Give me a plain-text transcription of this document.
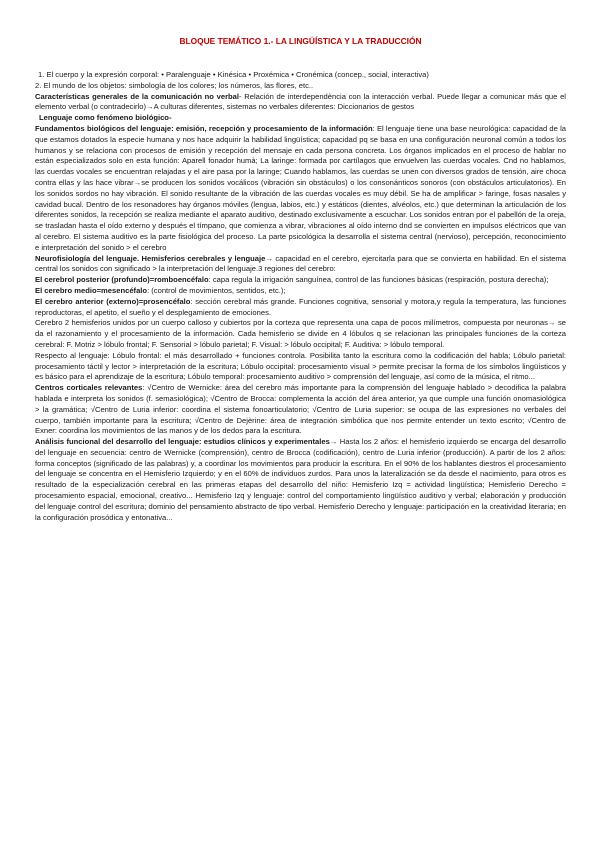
BLOQUE TEMÁTICO 1.- LA LINGÜÍSTICA Y LA TRADUCCIÓN
1. El cuerpo y la expresión corporal: • Paralenguaje • Kinésica • Proxémica • Cronémica (concep., social, interactiva)
2. El mundo de los objetos: simbología de los colores; los números, las flores, etc..
Características generales de la comunicación no verbal- Relación de interdependència con la interacción verbal. Puede llegar a comunicar más que el elemento verbal (o contradecirlo)→A culturas diferentes, sistemas no verbales diferentes: Diccionarios de gestos
Lenguaje como fenómeno biológico-
Fundamentos biológicos del lenguaje: emisión, recepción y procesamiento de la información: El lenguaje tiene una base neurológica: capacidad de la que estamos dotados la especie humana y nos hace adquirir la habilidad lingüística; capacidad pq se basa en una configuración neuronal común a todos los humanos y se relaciona con procesos de emisión y recepción del mensaje en cada persona concreta. Los órganos implicados en el proceso de hablar no están especializados solo en esta función: Aparell fonador humà; La laringe: formada por cartílagos que envuelven las cuerdas vocales. Cnd no hablamos, las cuerdas vocales se encuentran relajadas y el aire pasa por la laringe; Cuando hablamos, las cuerdas se unen con diversos grados de tensión, aire choca contra ellas y las hace vibrar→se producen los sonidos vocálicos (vibración sin obstáculos) o los consonánticos sonoros (con obstáculos articulatorios). En los sonidos sordos no hay vibración. El sonido resultante de la vibración de las cuerdas vocales es muy débil. Se ha de amplificar > faringe, fosas nasales y cavidad bucal. Dentro de los resonadores hay órganos móviles (lengua, labios, etc.) y estáticos (dientes, alvéolos, etc.) que determinan la articulación de los diferentes sonidos, la recepción se realiza mediante el aparato auditivo, destinado exclusivamente a escuchar. Los sonidos entran por el pabellón de la oreja, se trasladan hasta el oído externo y después el tímpano, que comienza a vibrar, vibraciones al oído interno dnd se convierten en impulsos eléctricos que van al cerebro. El sistema auditivo es la parte fisiológica del proceso. La parte psicológica la desarrolla el sistema central (nervioso), percepción, reconocimiento e interpretación del sonido > el cerebro
Neurofisiología del lenguaje. Hemisferios cerebrales y lenguaje→ capacidad en el cerebro, ejercitarla para que se convierta en habilidad. En el sistema central los sonidos con significado > la interpretación del lenguaje.3 regiones del cerebro:
El cerebrol posterior (profundo)=romboencéfalo: capa regula la irrigación sanguínea, control de las funciones básicas (respiración, postura derecha);
El cerebro medio=mesencéfalo: (control de movimientos, sentidos, etc.);
El cerebro anterior (externo)=prosencéfalo: sección cerebral más grande. Funciones cognitiva, sensorial y motora,y regula la temperatura, las funciones reproductoras, el apetito, el sueño y el desplegamiento de emociones.
Cerebro 2 hemisferios unidos por un cuerpo calloso y cubiertos por la corteza que representa una capa de pocos milímetros, compuesta por neuronas→ se da el razonamiento y el procesamiento de la información. Cada hemisferio se divide en 4 lóbulos q se relacionan las principales funciones de la corteza cerebral: F. Motriz > lóbulo frontal; F. Sensorial > lóbulo parietal; F. Visual: > lóbulo occipital; F. Auditiva: > lóbulo temporal.
Respecto al lenguaje: Lóbulo frontal: el más desarrollado + funciones controla. Posibilita tanto la escritura como la codificación del habla; Lóbulo parietal: procesamiento táctil y lector > interpretación de la escritura; Lóbulo occipital: procesamiento visual > permite precisar la forma de los símbolos lingüísticos y es básico para el aprendizaje de la escritura; Lóbulo temporal: procesamiento auditivo > comprensión del lenguaje, así como de la música, el ritmo...
Centros corticales relevantes: √Centro de Wernicke: área del cerebro más importante para la comprensión del lenguaje hablado > decodifica la palabra hablada e interpreta los sonidos (f. semasiológica); √Centro de Brocca: complementa la acción del área anterior, ya que cumple una función onomasiológica > la gramática; √Centro de Luria inferior: coordina el sistema fonoarticulatorio; √Centro de Luria superior: se ocupa de las expresiones no verbales del cuerpo, también importante para la escritura; √Centro de Dejèrine: área de integración simbólica que nos permite entender un texto escrito; √Centro de Exner: coordina los movimientos de las manos y de los dedos para la escritura.
Análisis funcional del desarrollo del lenguaje: estudios clínicos y experimentales→ Hasta los 2 años: el hemisferio izquierdo se encarga del desarrollo del lenguaje en secuencia: centro de Wernicke (comprensión), centro de Brocca (codificación), centro de Luria inferior (producción). A partir de los 2 años: forma conceptos (significado de las palabras) y, a coordinar los movimientos para producir la escritura. En el 90% de los hablantes diestros el procesamiento del lenguaje se concentra en el Hemisferio Izquierdo; y en el 60% de individuos zurdos. Para unos la lateralización se da desde el nacimiento, para otros es resultado de la especialización cerebral en las primeras etapas del desarrollo del niño: Hemisferio Izq = actividad lingüística; Hemisferio Derecho = procesamiento espacial, emocional, creativo... Hemisferio Izq y lenguaje: control del comportamiento lingüístico auditivo y verbal; elaboración y producción del lenguaje control del escritura; dominio del pensamiento abstracto de tipo verbal. Hemisferio Derecho y lenguaje: participación en la creatividad literaria; en la configuración prosódica y entonativa...
